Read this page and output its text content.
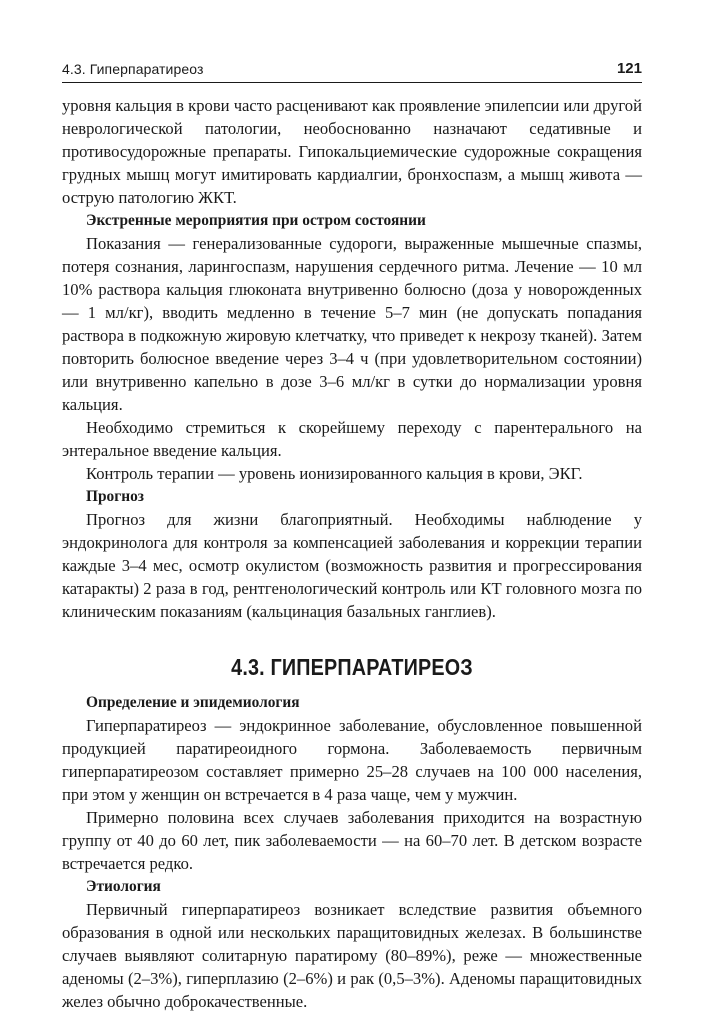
4.3. Гиперпаратиреоз	121

уровня кальция в крови часто расценивают как проявление эпилепсии или другой неврологической патологии, необоснованно назначают седативные и противосудорожные препараты. Гипокальциемические судорожные сокращения грудных мышц могут имитировать кардиалгии, бронхоспазм, а мышц живота — острую патологию ЖКТ.

Экстренные мероприятия при остром состоянии

Показания — генерализованные судороги, выраженные мышечные спазмы, потеря сознания, ларингоспазм, нарушения сердечного ритма. Лечение — 10 мл 10% раствора кальция глюконата внутривенно болюсно (доза у новорожденных — 1 мл/кг), вводить медленно в течение 5–7 мин (не допускать попадания раствора в подкожную жировую клетчатку, что приведет к некрозу тканей). Затем повторить болюсное введение через 3–4 ч (при удовлетворительном состоянии) или внутривенно капельно в дозе 3–6 мл/кг в сутки до нормализации уровня кальция.

Необходимо стремиться к скорейшему переходу с парентерального на энтеральное введение кальция.

Контроль терапии — уровень ионизированного кальция в крови, ЭКГ.

Прогноз

Прогноз для жизни благоприятный. Необходимы наблюдение у эндокринолога для контроля за компенсацией заболевания и коррекции терапии каждые 3–4 мес, осмотр окулистом (возможность развития и прогрессирования катаракты) 2 раза в год, рентгенологический контроль или КТ головного мозга по клиническим показаниям (кальцинация базальных ганглиев).

4.3. ГИПЕРПАРАТИРЕОЗ
Определение и эпидемиология

Гиперпаратиреоз — эндокринное заболевание, обусловленное повышенной продукцией паратиреоидного гормона. Заболеваемость первичным гиперпаратиреозом составляет примерно 25–28 случаев на 100 000 населения, при этом у женщин он встречается в 4 раза чаще, чем у мужчин.

Примерно половина всех случаев заболевания приходится на возрастную группу от 40 до 60 лет, пик заболеваемости — на 60–70 лет. В детском возрасте встречается редко.

Этиология

Первичный гиперпаратиреоз возникает вследствие развития объемного образования в одной или нескольких паращитовидных железах. В большинстве случаев выявляют солитарную паратирому (80–89%), реже — множественные аденомы (2–3%), гиперплазию (2–6%) и рак (0,5–3%). Аденомы паращитовидных желез обычно доброкачественные.
